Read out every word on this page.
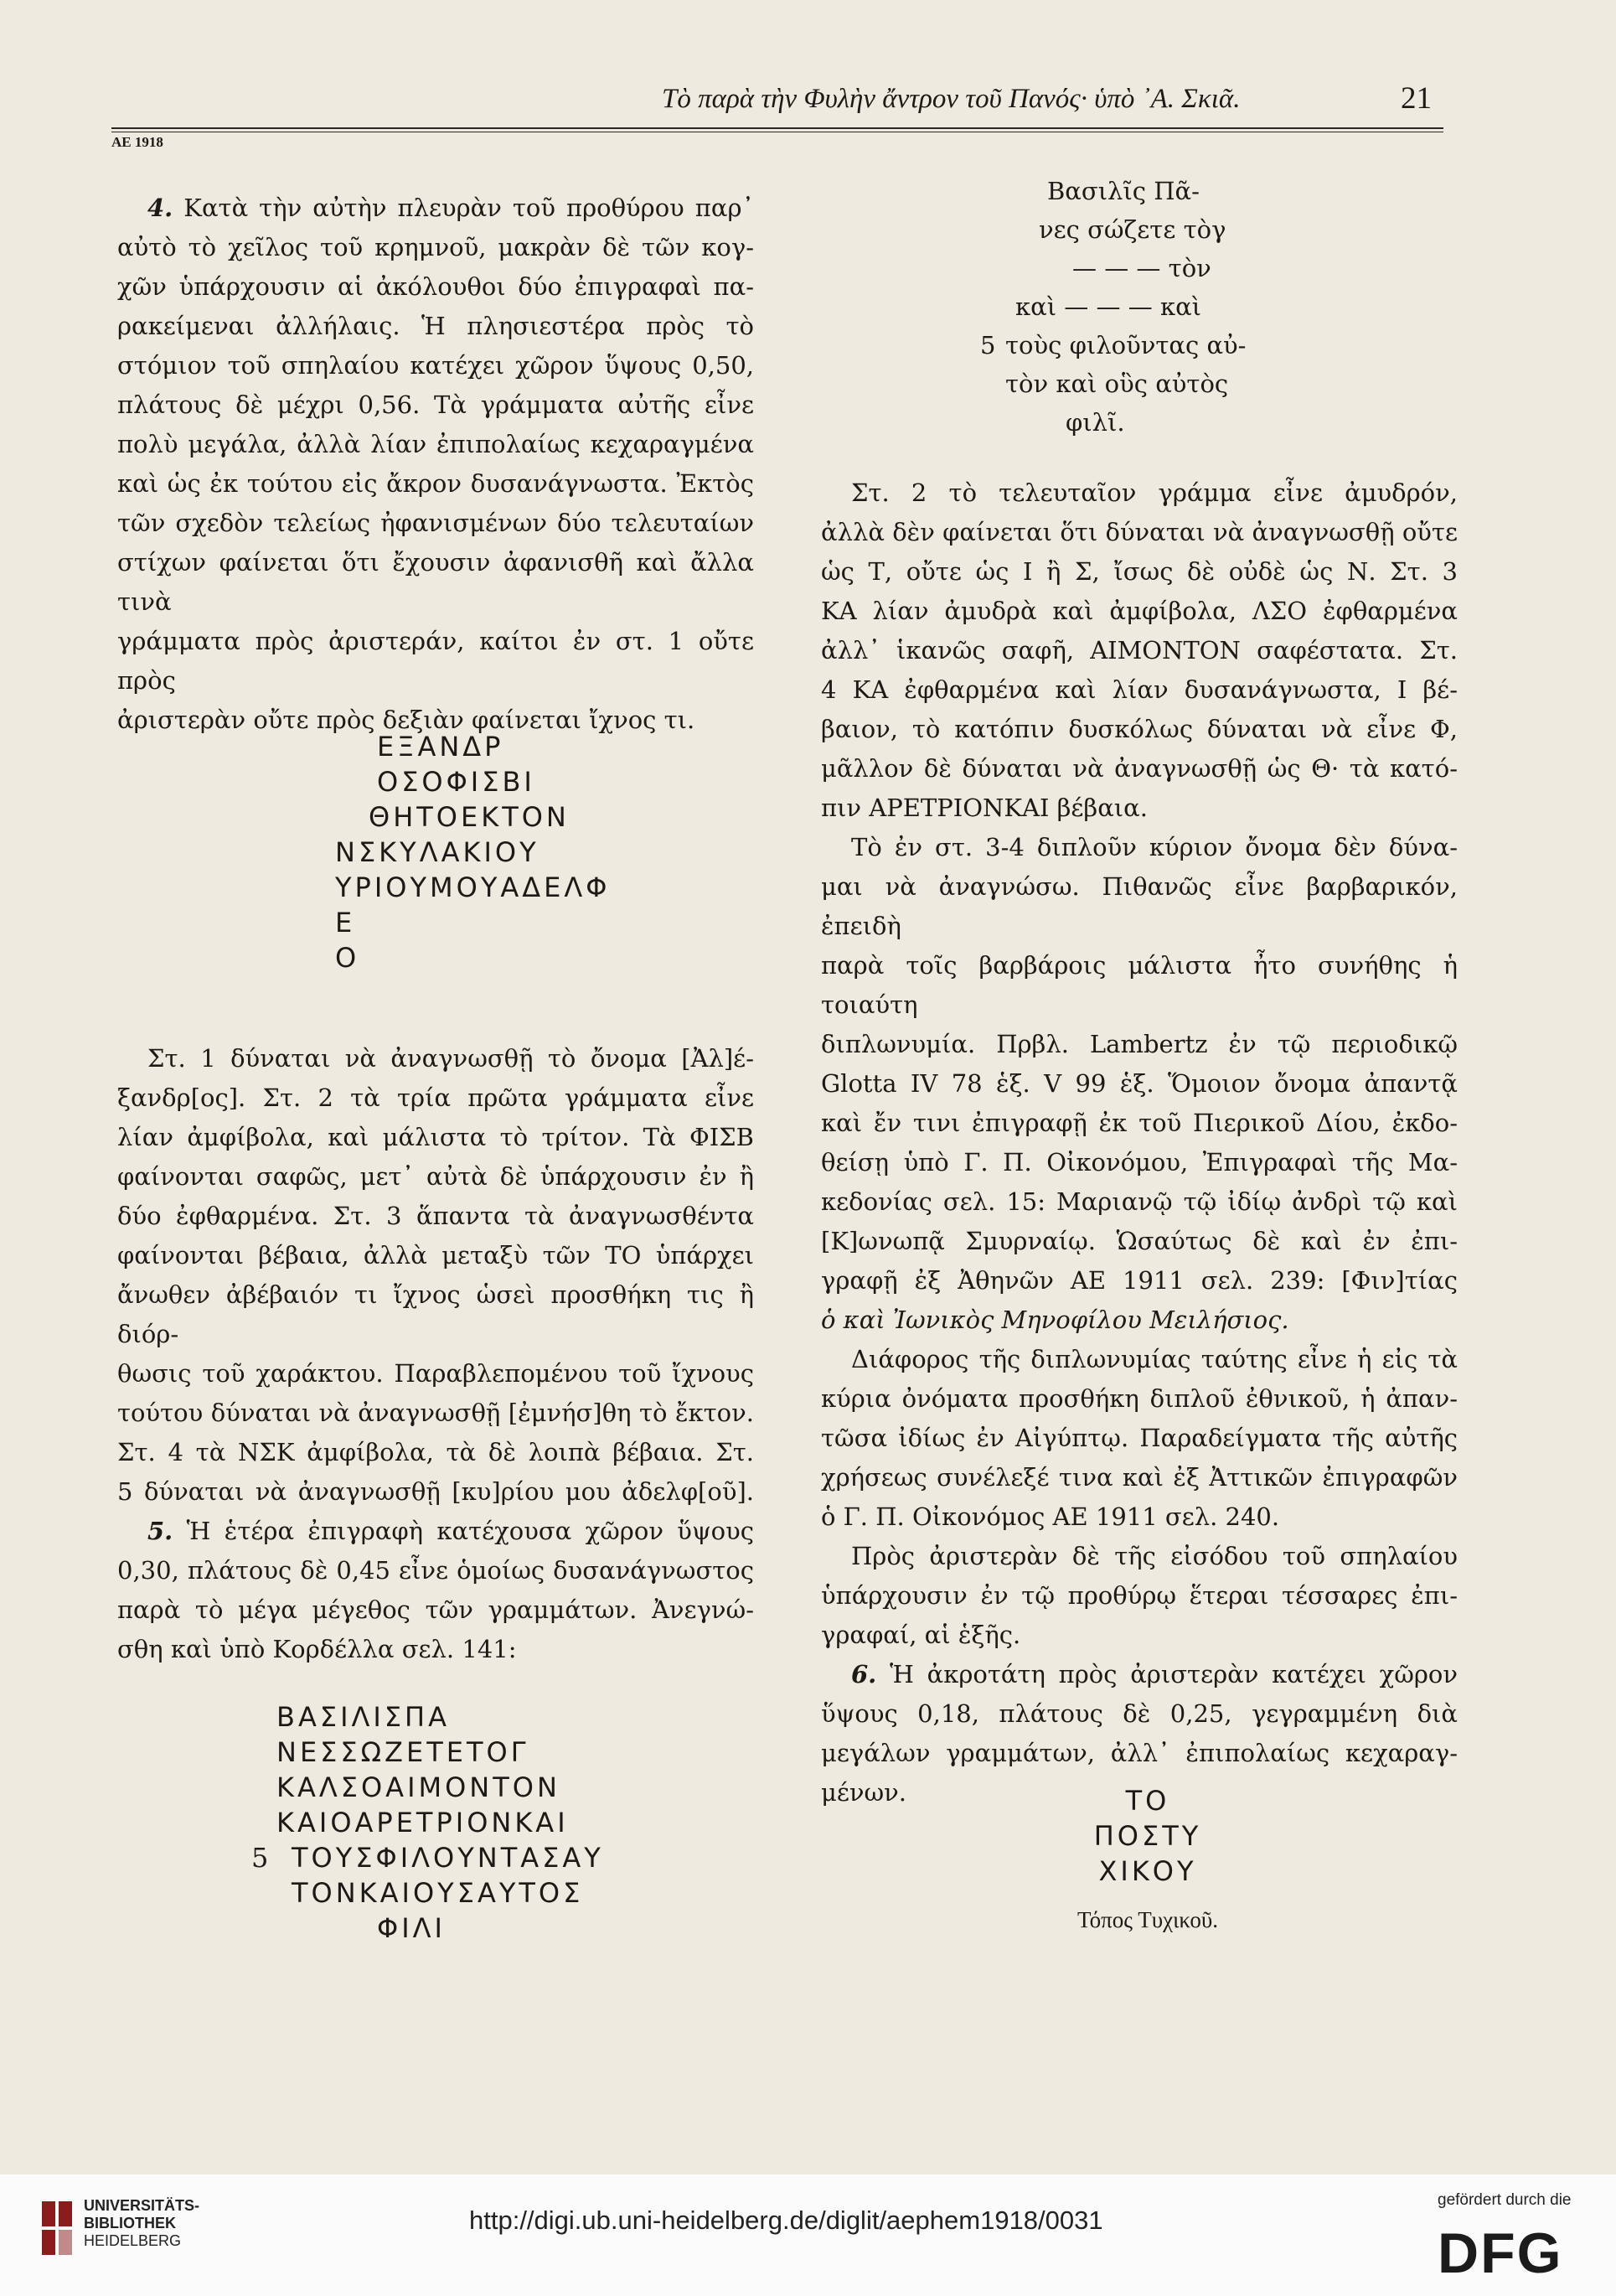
ΑΕ 1918
Τὸ παρὰ τὴν Φυλὴν ἄντρον τοῦ Πανός· ὑπὸ ᾿Α. Σκιᾶ.	21
4. Κατὰ τὴν αὐτὴν πλευρὰν τοῦ προθύρου παρ᾿
αὐτὸ τὸ χεῖλος τοῦ κρημνοῦ, μακρὰν δὲ τῶν κογ-
χῶν ὑπάρχουσιν αἱ ἀκόλουθοι δύο ἐπιγραφαὶ πα-
ρακείμεναι ἀλλήλαις. Ἡ πλησιεστέρα πρὸς τὸ
στόμιον τοῦ σπηλαίου κατέχει χῶρον ὕψους 0,50,
πλάτους δὲ μέχρι 0,56. Τὰ γράμματα αὐτῆς εἶνε
πολὺ μεγάλα, ἀλλὰ λίαν ἐπιπολαίως κεχαραγμένα
καὶ ὡς ἐκ τούτου εἰς ἄκρον δυσανάγνωστα. Ἐκτὸς
τῶν σχεδὸν τελείως ἠφανισμένων δύο τελευταίων
στίχων φαίνεται ὅτι ἔχουσιν ἀφανισθῆ καὶ ἄλλα τινὰ
γράμματα πρὸς ἀριστεράν, καίτοι ἐν στ. 1 οὔτε πρὸς
ἀριστερὰν οὔτε πρὸς δεξιὰν φαίνεται ἴχνος τι.
ΕΞΑΝΔΡ
ΟΣΟΦΙΣΒΙ
ΘΗΤΟΕΚΤΟΝ
ΝΣΚΥΛΑΚΙΟΥ
ΥΡΙΟΥΜΟΥΑΔΕΛΦ
Ε
Ο
Στ. 1 δύναται νὰ ἀναγνωσθῇ τὸ ὄνομα [Ἀλ]έ-
ξανδρ[ος]. Στ. 2 τὰ τρία πρῶτα γράμματα εἶνε
λίαν ἀμφίβολα, καὶ μάλιστα τὸ τρίτον. Τὰ ΦΙΣΒ
φαίνονται σαφῶς, μετ᾿ αὐτὰ δὲ ὑπάρχουσιν ἐν ἢ
δύο ἐφθαρμένα. Στ. 3 ἅπαντα τὰ ἀναγνωσθέντα
φαίνονται βέβαια, ἀλλὰ μεταξὺ τῶν ΤΟ ὑπάρχει
ἄνωθεν ἀβέβαιόν τι ἴχνος ὡσεὶ προσθήκη τις ἢ διόρ-
θωσις τοῦ χαράκτου. Παραβλεπομένου τοῦ ἴχνους
τούτου δύναται νὰ ἀναγνωσθῇ [ἐμνήσ]θη τὸ ἔκτον.
Στ. 4 τὰ ΝΣΚ ἀμφίβολα, τὰ δὲ λοιπὰ βέβαια. Στ.
5 δύναται νὰ ἀναγνωσθῇ [κυ]ρίου μου ἀδελφ[οῦ].
5. Ἡ ἑτέρα ἐπιγραφὴ κατέχουσα χῶρον ὕψους
0,30, πλάτους δὲ 0,45 εἶνε ὁμοίως δυσανάγνωστος
παρὰ τὸ μέγα μέγεθος τῶν γραμμάτων. Ἀνεγνώ-
σθη καὶ ὑπὸ Κορδέλλα σελ. 141:
ΒΑΣΙΛΙΣΠΑ
ΝΕΣΣΩΖΕΤΕΤΟΓ
ΚΑΛΣΟΑΙΜΟΝΤΟΝ
ΚΑΙΟΑΡΕΤΡΙΟΝΚΑΙ
5 ΤΟΥΣΦΙΛΟΥΝΤΑΣΑΥ
ΤΟΝΚΑΙΟΥΣΑΥΤΟΣ
ΦΙΛΙ
Βασιλῖς Πᾶ-
νες σώζετε τὸγ
— — — τὸν
καὶ — — — καὶ
5 τοὺς φιλοῦντας αὐ-
τὸν καὶ οὓς αὐτὸς
φιλῖ.
Στ. 2 τὸ τελευταῖον γράμμα εἶνε ἀμυδρόν,
ἀλλὰ δὲν φαίνεται ὅτι δύναται νὰ ἀναγνωσθῇ οὔτε
ὡς Τ, οὔτε ὡς Ι ἢ Σ, ἴσως δὲ οὐδὲ ὡς Ν. Στ. 3
ΚΑ λίαν ἀμυδρὰ καὶ ἀμφίβολα, ΛΣΟ ἐφθαρμένα
ἀλλ᾿ ἱκανῶς σαφῆ, ΑΙΜΟΝΤΟΝ σαφέστατα. Στ.
4 ΚΑ ἐφθαρμένα καὶ λίαν δυσανάγνωστα, Ι βέ-
βαιον, τὸ κατόπιν δυσκόλως δύναται νὰ εἶνε Φ,
μᾶλλον δὲ δύναται νὰ ἀναγνωσθῇ ὡς Θ· τὰ κατό-
πιν ΑΡΕΤΡΙΟΝΚΑΙ βέβαια.
Τὸ ἐν στ. 3-4 διπλοῦν κύριον ὄνομα δὲν δύνα-
μαι νὰ ἀναγνώσω. Πιθανῶς εἶνε βαρβαρικόν, ἐπειδὴ
παρὰ τοῖς βαρβάροις μάλιστα ἦτο συνήθης ἡ τοιαύτη
διπλωνυμία. Πρβλ. Lambertz ἐν τῷ περιοδικῷ
Glotta IV 78 ἑξ. V 99 ἑξ. Ὅμοιον ὄνομα ἀπαντᾷ
καὶ ἔν τινι ἐπιγραφῇ ἐκ τοῦ Πιερικοῦ Δίου, ἐκδο-
θείσῃ ὑπὸ Γ. Π. Οἰκονόμου, Ἐπιγραφαὶ τῆς Μα-
κεδονίας σελ. 15: Μαριανῷ τῷ ἰδίῳ ἀνδρὶ τῷ καὶ
[Κ]ωνωπᾷ Σμυρναίῳ. Ὡσαύτως δὲ καὶ ἐν ἐπι-
γραφῇ ἐξ Ἀθηνῶν ΑΕ 1911 σελ. 239: [Φιν]τίας
ὁ καὶ Ἰωνικὸς Μηνοφίλου Μειλήσιος.
Διάφορος τῆς διπλωνυμίας ταύτης εἶνε ἡ εἰς τὰ
κύρια ὀνόματα προσθήκη διπλοῦ ἐθνικοῦ, ἡ ἀπαν-
τῶσα ἰδίως ἐν Αἰγύπτῳ. Παραδείγματα τῆς αὐτῆς
χρήσεως συνέλεξέ τινα καὶ ἐξ Ἀττικῶν ἐπιγραφῶν
ὁ Γ. Π. Οἰκονόμος ΑΕ 1911 σελ. 240.
Πρὸς ἀριστερὰν δὲ τῆς εἰσόδου τοῦ σπηλαίου
ὑπάρχουσιν ἐν τῷ προθύρῳ ἕτεραι τέσσαρες ἐπι-
γραφαί, αἱ ἑξῆς.
6. Ἡ ἀκροτάτη πρὸς ἀριστερὰν κατέχει χῶρον
ὕψους 0,18, πλάτους δὲ 0,25, γεγραμμένη διὰ
μεγάλων γραμμάτων, ἀλλ᾿ ἐπιπολαίως κεχαραγ-
μένων.	ΤΟ
ΠΟΣΤΥ
ΧΙΚΟΥ
Τόπος Τυχικοῦ.
UNIVERSITÄTS-
BIBLIOTHEK
HEIDELBERG
http://digi.ub.uni-heidelberg.de/diglit/aephem1918/0031
gefördert durch die
DFG
